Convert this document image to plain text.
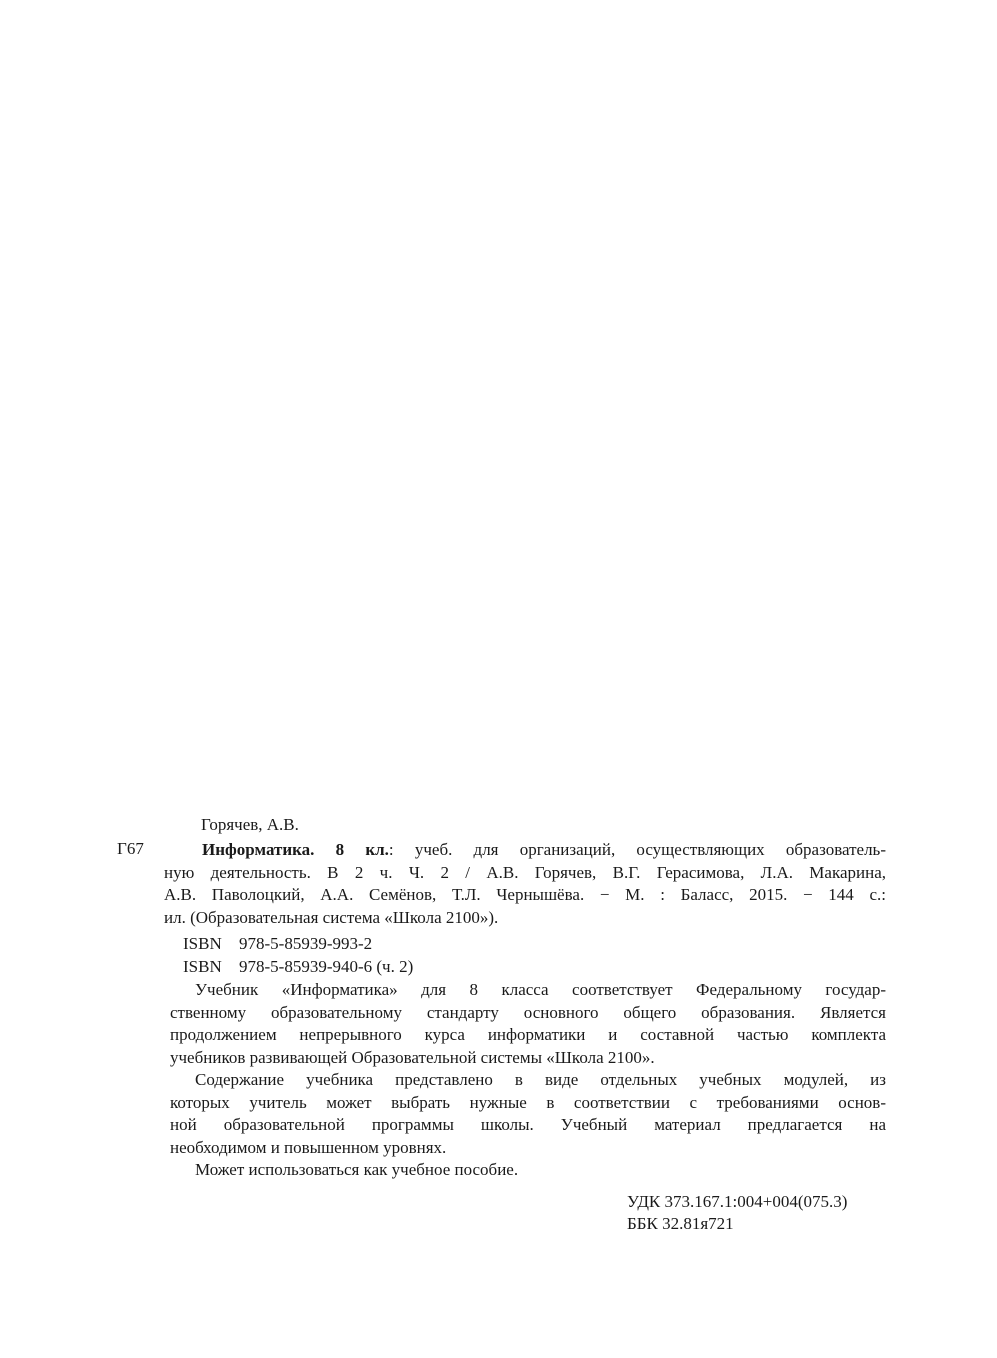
Горячев, А.В.
Г67	Информатика. 8 кл.: учеб. для организаций, осуществляющих образователь-
ную деятельность. В 2 ч. Ч. 2 / А.В. Горячев, В.Г. Герасимова, Л.А. Макарина,
А.В. Паволоцкий, А.А. Семёнов, Т.Л. Чернышёва. − М. : Баласс, 2015. − 144 с.:
ил. (Образовательная система «Школа 2100»).
ISBN 978-5-85939-993-2
ISBN 978-5-85939-940-6 (ч. 2)
Учебник «Информатика» для 8 класса соответствует Федеральному государ-
ственному образовательному стандарту основного общего образования. Является
продолжением непрерывного курса информатики и составной частью комплекта
учебников развивающей Образовательной системы «Школа 2100».
Содержание учебника представлено в виде отдельных учебных модулей, из
которых учитель может выбрать нужные в соответствии с требованиями основ-
ной образовательной программы школы. Учебный материал предлагается на
необходимом и повышенном уровнях.
Может использоваться как учебное пособие.
УДК 373.167.1:004+004(075.3)
ББК 32.81я721
